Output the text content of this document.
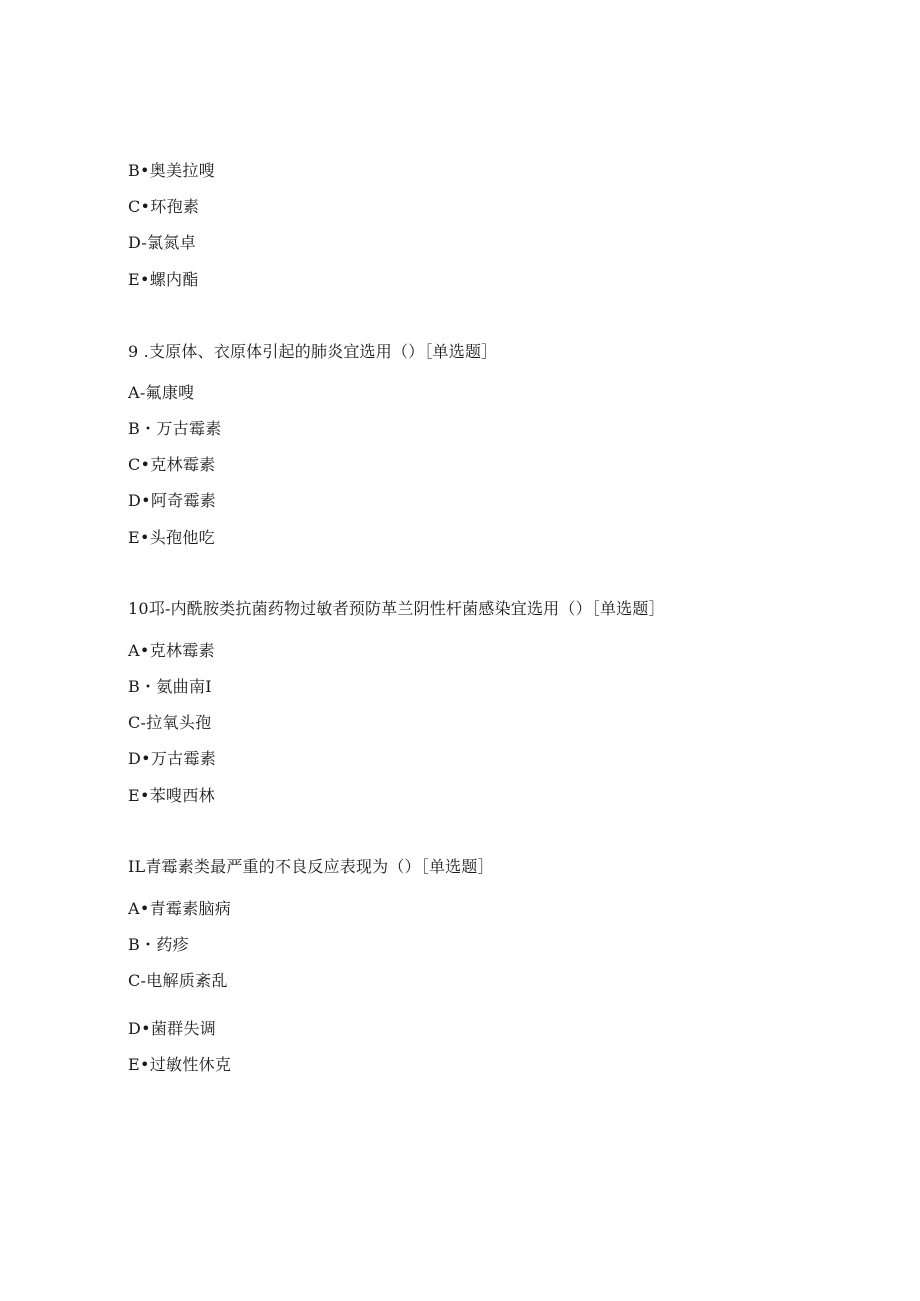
B•奥美拉嗖
C•环孢素
D-氯氮卓
E•螺内酯
9 .支原体、衣原体引起的肺炎宜选用（）［单选题］
A-氟康嗖
B・万古霉素
C•克林霉素
D•阿奇霉素
E•头孢他吃
10邛-内酰胺类抗菌药物过敏者预防革兰阴性杆菌感染宜选用（）［单选题］
A•克林霉素
B・氨曲南I
C-拉氧头孢
D•万古霉素
E•苯嗖西林
IL青霉素类最严重的不良反应表现为（）［单选题］
A•青霉素脑病
B・药疹
C-电解质紊乱
D•菌群失调
E•过敏性休克
